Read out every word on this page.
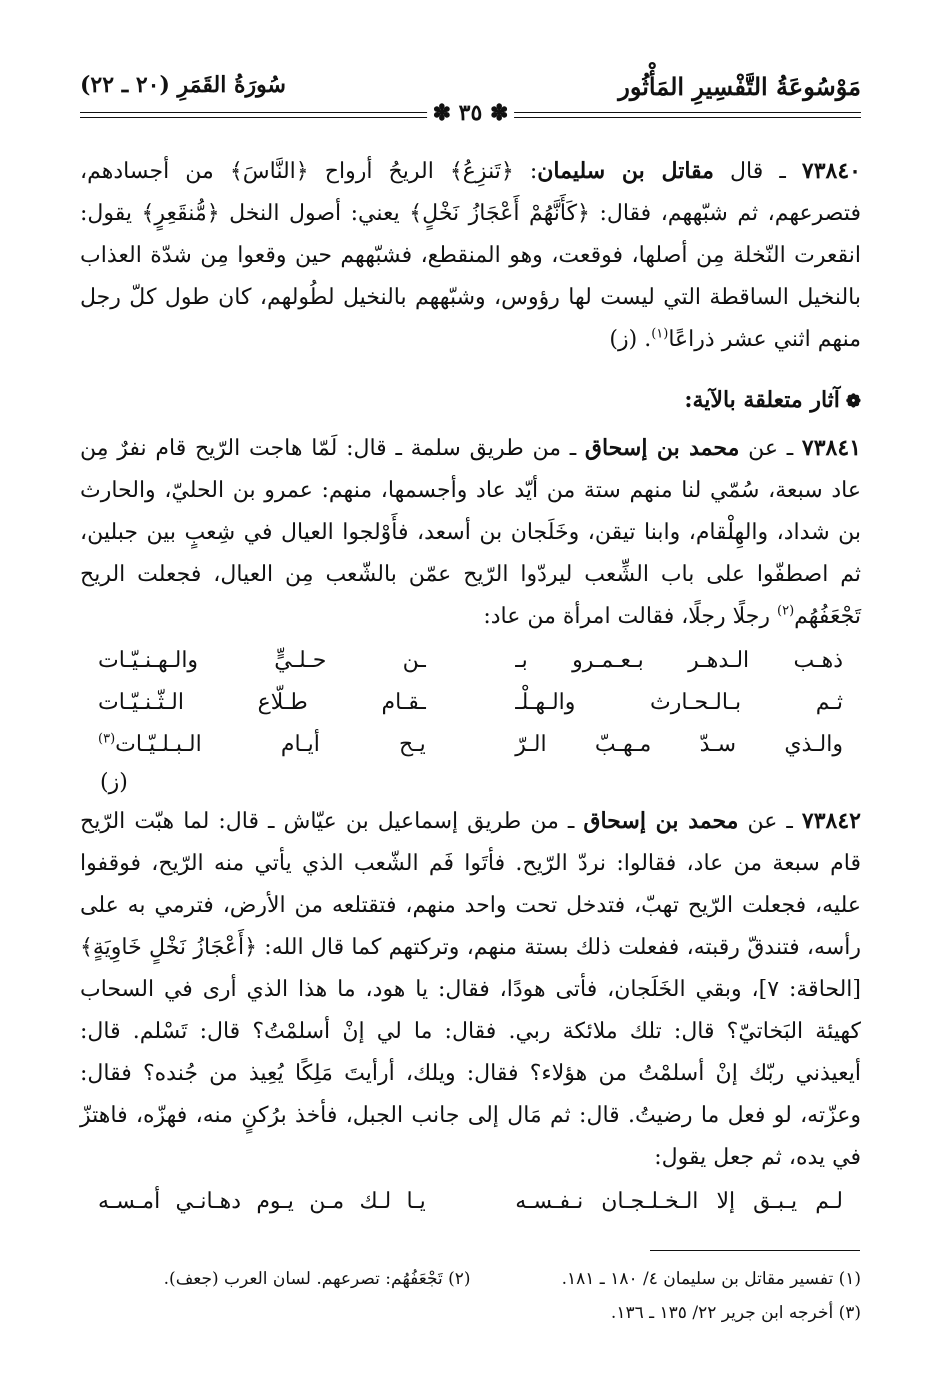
مَوْسُوعَةُ التَّفْسِيرِ المَأْثُور
سُورَةُ القَمَرِ (٢٠ ـ ٢٢)
✽ ٣٥ ✽

٧٣٨٤٠ ـ قال مقاتل بن سليمان: ﴿تَنزِعُ﴾ الريحُ أرواح ﴿النَّاسَ﴾ من أجسادهم، فتصرعهم، ثم شبّههم، فقال: ﴿كَأَنَّهُمْ أَعْجَازُ نَخْلٍ﴾ يعني: أصول النخل ﴿مُّنقَعِرٍ﴾ يقول: انقعرت النّخلة مِن أصلها، فوقعت، وهو المنقطع، فشبّههم حين وقعوا مِن شدّة العذاب بالنخيل الساقطة التي ليست لها رؤوس، وشبّههم بالنخيل لطُولهم، كان طول كلّ رجل منهم اثني عشر ذراعًا$^{(١)}$. (ز)

❁آثار متعلقة بالآية:

٧٣٨٤١ ـ عن محمد بن إسحاق ـ من طريق سلمة ـ قال: لَمّا هاجت الرّيح قام نفرٌ مِن عاد سبعة، سُمّي لنا منهم ستة من أيّد عاد وأجسمها، منهم: عمرو بن الحليّ، والحارث بن شداد، والهِلْقام، وابنا تيقن، وخَلَجان بن أسعد، فأَوْلجوا العيال في شِعبٍ بين جبلين، ثم اصطفّوا على باب الشِّعب ليردّوا الرّيح عمّن بالشّعب مِن العيال، فجعلت الريح تَجْعَفُهُم$^{(٢)}$ رجلًا رجلًا، فقالت امرأة من عاد:

ذهـب الـدهـر بـعـمـرو بـ
ـن حـلـيٍّ والـهـنـيّـات
ثـم بـالـحـارث والـهـلْـ
ـقـام طـلّاع الـثّـنـيّـات
والـذي سـدّ مـهـبّ الـرّ
يـح أيـام الـبـلـيّـات$^{(٣)}$
(ز)

٧٣٨٤٢ ـ عن محمد بن إسحاق ـ من طريق إسماعيل بن عيّاش ـ قال: لما هبّت الرّيح قام سبعة من عاد، فقالوا: نردّ الرّيح. فأتَوا فَم الشّعب الذي يأتي منه الرّيح، فوقفوا عليه، فجعلت الرّيح تهبّ، فتدخل تحت واحد منهم، فتقتلعه من الأرض، فترمي به على رأسه، فتندقّ رقبته، ففعلت ذلك بستة منهم، وتركتهم كما قال الله: ﴿أَعْجَازُ نَخْلٍ خَاوِيَةٍ﴾ [الحاقة: ٧]، وبقي الخَلَجان، فأتى هودًا، فقال: يا هود، ما هذا الذي أرى في السحاب كهيئة البَخاتيّ؟ قال: تلك ملائكة ربي. فقال: ما لي إنْ أسلمْتُ؟ قال: تَسْلم. قال: أيعيذني ربّك إنْ أسلمْتُ من هؤلاء؟ فقال: ويلك، أرأيتَ مَلِكًا يُعِيذ من جُنده؟ فقال: وعزّته، لو فعل ما رضيتُ. قال: ثم مَال إلى جانب الجبل، فأخذ برُكنٍ منه، فهزّه، فاهتزّ في يده، ثم جعل يقول:

لـم يـبـق إلا الـخـلـجـان نـفـسـه
يـا لـك مـن يـوم دهـانـي أمـسـه
(١) تفسير مقاتل بن سليمان ٤/ ١٨٠ ـ ١٨١.
(٢) تَجْعَفُهُم: تصرعهم. لسان العرب (جعف).
(٣) أخرجه ابن جرير ٢٢/ ١٣٥ ـ ١٣٦.
